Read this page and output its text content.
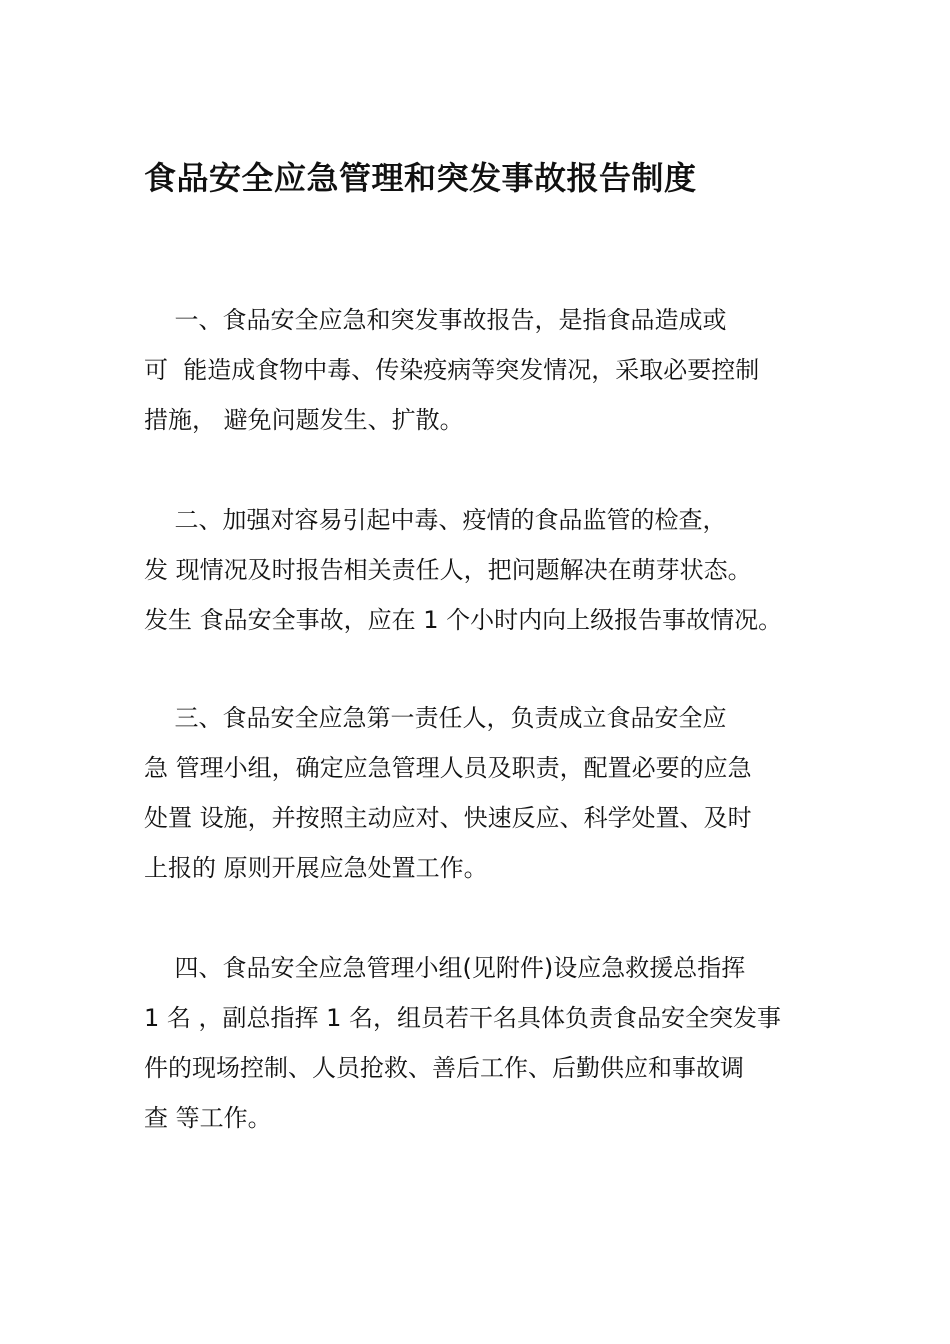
食品安全应急管理和突发事故报告制度
一、食品安全应急和突发事故报告，是指食品造成或
可  能造成食物中毒、传染疫病等突发情况，采取必要控制
措施， 避免问题发生、扩散。
二、加强对容易引起中毒、疫情的食品监管的检查，
发 现情况及时报告相关责任人，把问题解决在萌芽状态。
发生 食品安全事故，应在 1 个小时内向上级报告事故情况。
三、食品安全应急第一责任人，负责成立食品安全应
急 管理小组，确定应急管理人员及职责，配置必要的应急
处置 设施，并按照主动应对、快速反应、科学处置、及时
上报的 原则开展应急处置工作。
四、食品安全应急管理小组(见附件)设应急救援总指挥
1 名 ，副总指挥 1 名，组员若干名具体负责食品安全突发事
件的现场控制、人员抢救、善后工作、后勤供应和事故调
查 等工作。
